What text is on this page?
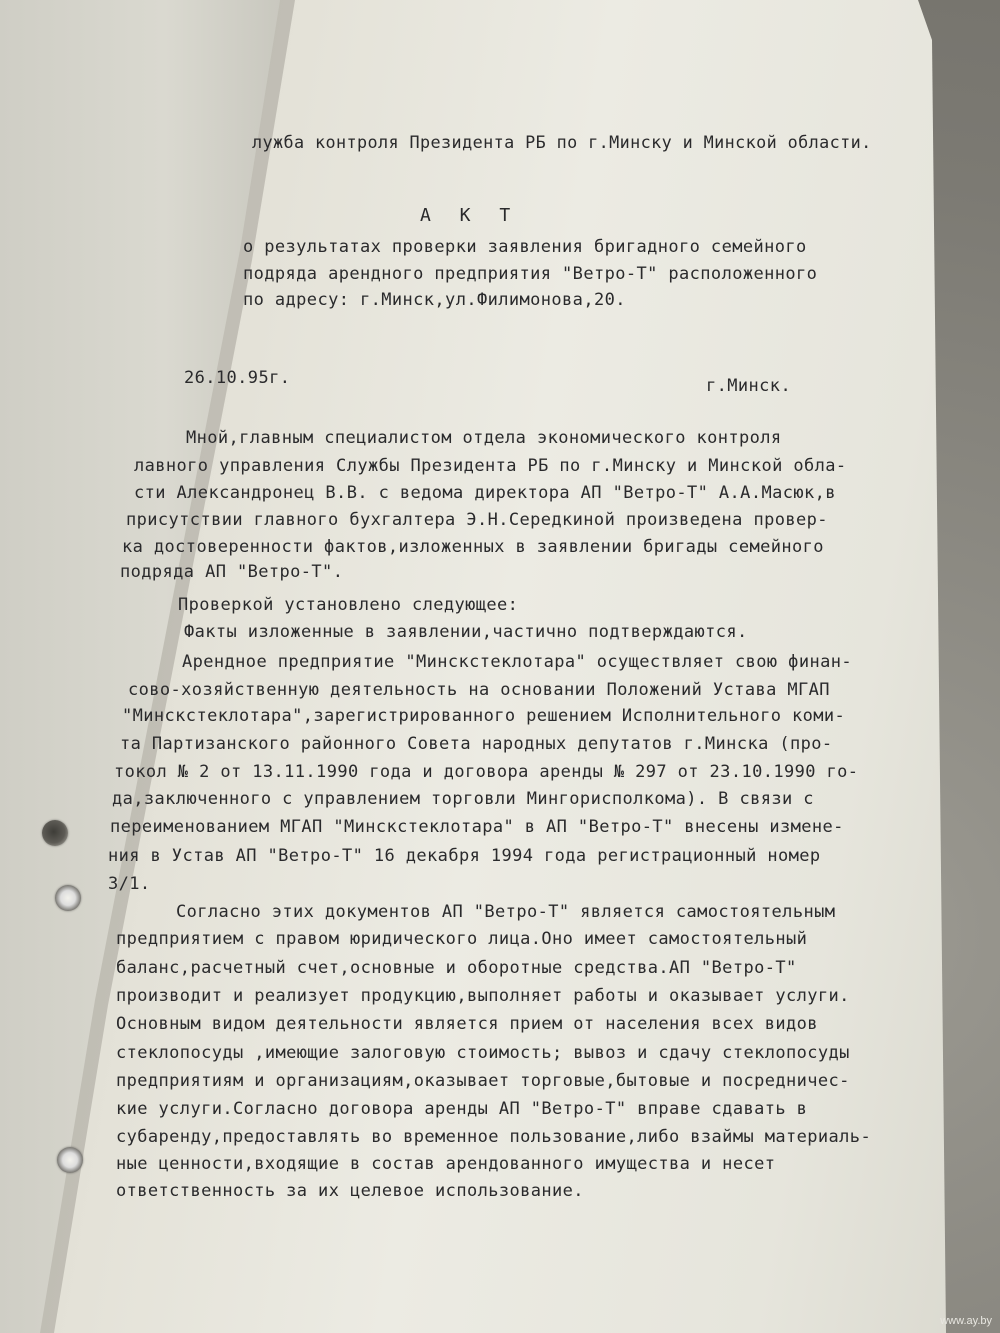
лужба контроля Президента РБ по г.Минску и Минской области.
А К Т
о результатах проверки заявления бригадного семейного
подряда арендного предприятия "Ветро-Т" расположенного
по адресу: г.Минск,ул.Филимонова,20.
26.10.95г.	г.Минск.
Мной,главным специалистом отдела экономического контроля
лавного управления Службы Президента РБ по г.Минску и Минской обла-
сти Александронец В.В. с ведома директора АП "Ветро-Т" А.А.Масюк,в
присутствии главного бухгалтера Э.Н.Середкиной произведена провер-
ка достоверенности фактов,изложенных в заявлении бригады семейного
подряда АП "Ветро-Т".
Проверкой установлено следующее:
Факты изложенные в заявлении,частично подтверждаются.
Арендное предприятие "Минскстеклотара" осуществляет свою финан-
сово-хозяйственную деятельность на основании Положений Устава МГАП
"Минскстеклотара",зарегистрированного решением Исполнительного коми-
та Партизанского районного Совета народных депутатов г.Минска (про-
токол № 2 от 13.11.1990 года и договора аренды № 297 от 23.10.1990 го-
да,заключенного с управлением торговли Мингорисполкома). В связи с
переименованием МГАП "Минскстеклотара" в АП "Ветро-Т" внесены измене-
ния в Устав АП "Ветро-Т" 16 декабря 1994 года регистрационный номер
3/1.
Согласно этих документов АП "Ветро-Т" является самостоятельным
предприятием с правом юридического лица.Оно имеет самостоятельный
баланс,расчетный счет,основные и оборотные средства.АП "Ветро-Т"
производит и реализует продукцию,выполняет работы и оказывает услуги.
Основным видом деятельности является прием от населения всех видов
стеклопосуды ,имеющие залоговую стоимость; вывоз и сдачу стеклопосуды
предприятиям и организациям,оказывает торговые,бытовые и посредничес-
кие услуги.Согласно договора аренды АП "Ветро-Т" вправе сдавать в
субаренду,предоставлять во временное пользование,либо взаймы материаль-
ные ценности,входящие в состав арендованного имущества и несет
ответственность за их целевое использование.
www.ay.by
